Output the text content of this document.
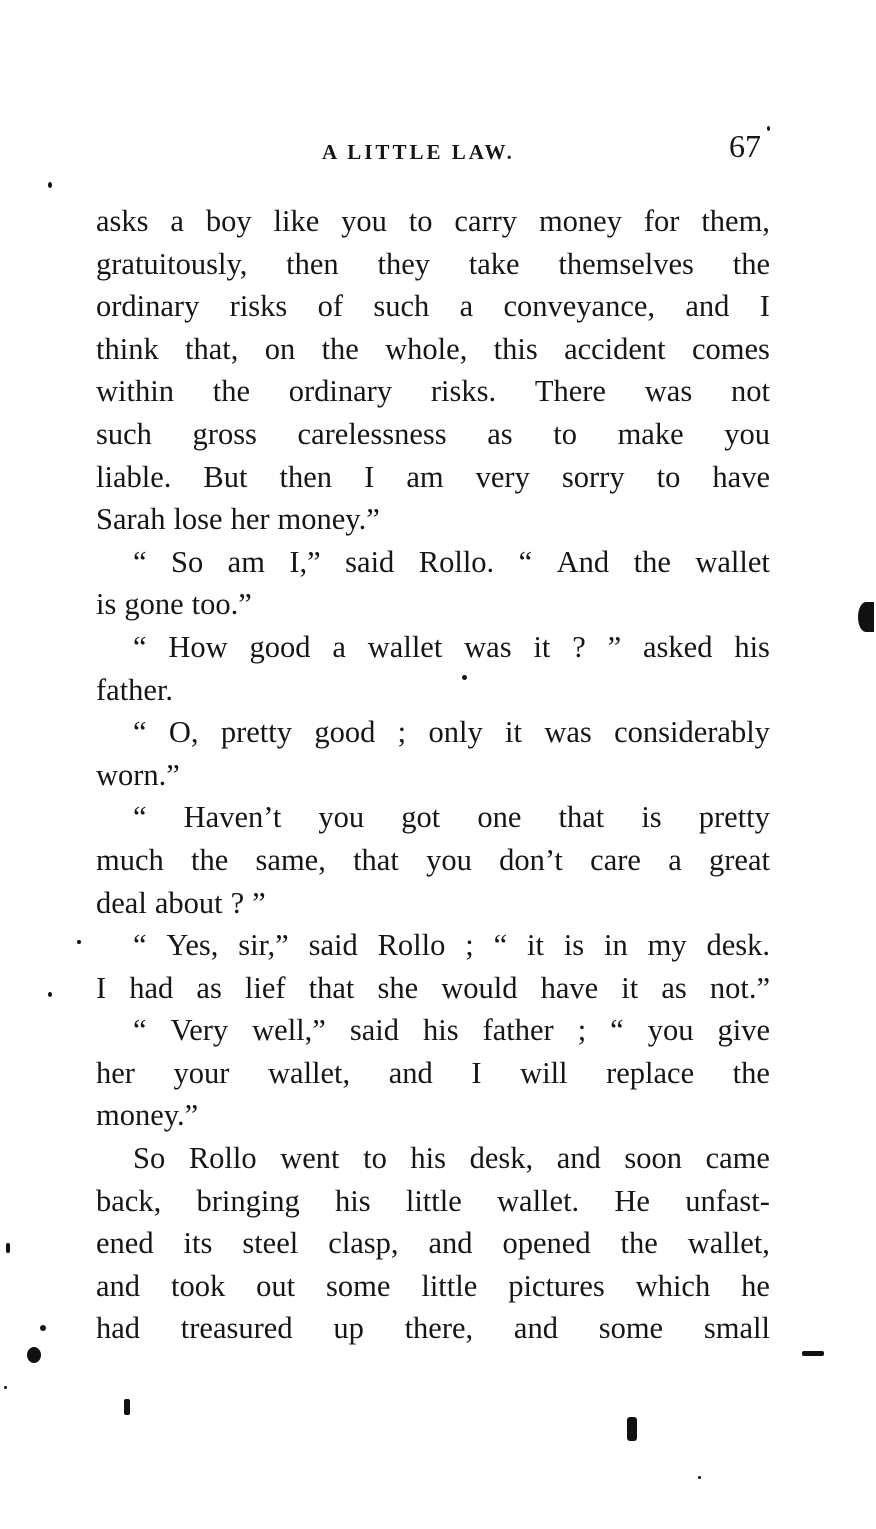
A LITTLE LAW.	67
asks a boy like you to carry money for them,
gratuitously, then they take themselves the
ordinary risks of such a conveyance, and I
think that, on the whole, this accident comes
within the ordinary risks. There was not
such gross carelessness as to make you
liable. But then I am very sorry to have
Sarah lose her money.”
“ So am I,” said Rollo. “ And the wallet
is gone too.”
“ How good a wallet was it ? ” asked his
father.
“ O, pretty good ; only it was considerably
worn.”
“ Haven’t you got one that is pretty
much the same, that you don’t care a great
deal about ? ”
“ Yes, sir,” said Rollo ; “ it is in my desk.
I had as lief that she would have it as not.”
“ Very well,” said his father ; “ you give
her your wallet, and I will replace the
money.”
So Rollo went to his desk, and soon came
back, bringing his little wallet. He unfast-
ened its steel clasp, and opened the wallet,
and took out some little pictures which he
had treasured up there, and some small
